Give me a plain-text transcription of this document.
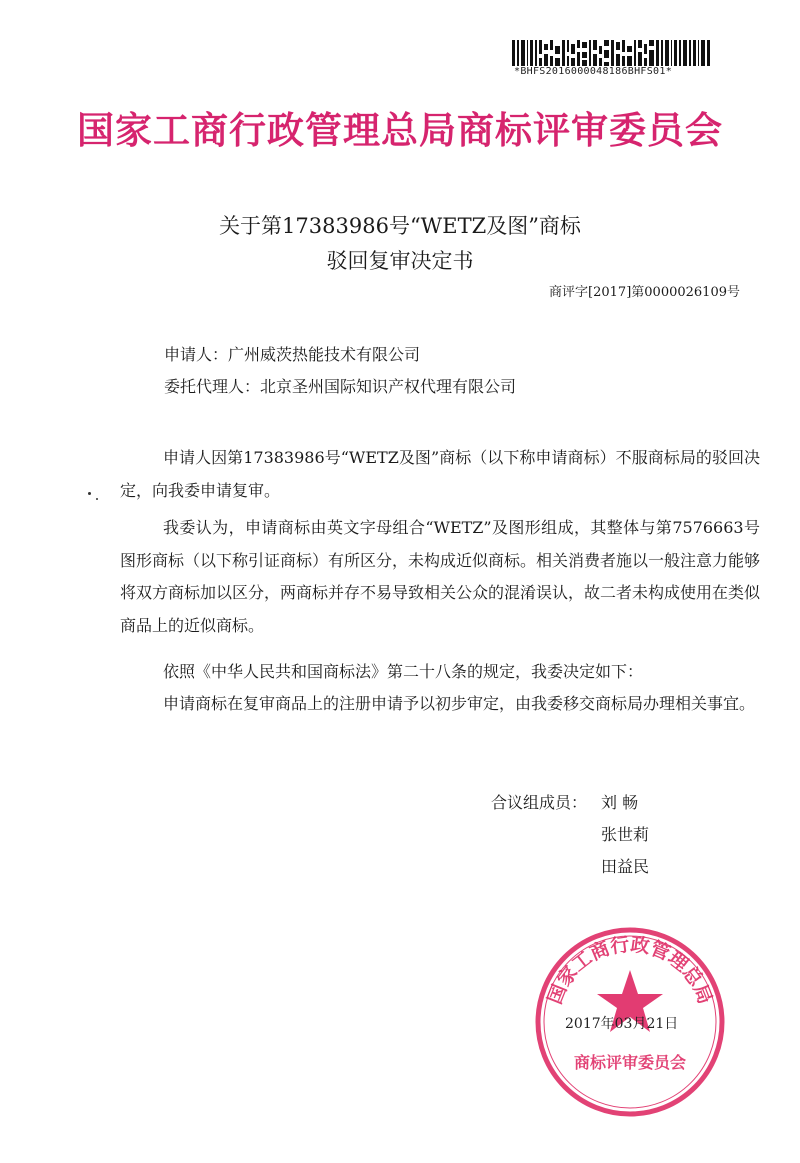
*BHFS2016000048186BHFS01*
国家工商行政管理总局商标评审委员会
关于第17383986号“WETZ及图”商标
驳回复审决定书
商评字[2017]第0000026109号
申请人：广州威茨热能技术有限公司
委托代理人：北京圣州国际知识产权代理有限公司

申请人因第17383986号“WETZ及图”商标（以下称申请商标）不服商标局的驳回决定，向我委申请复审。

我委认为，申请商标由英文字母组合“WETZ”及图形组成，其整体与第7576663号图形商标（以下称引证商标）有所区分，未构成近似商标。相关消费者施以一般注意力能够将双方商标加以区分，两商标并存不易导致相关公众的混淆误认，故二者未构成使用在类似商品上的近似商标。

依照《中华人民共和国商标法》第二十八条的规定，我委决定如下：

申请商标在复审商品上的注册申请予以初步审定，由我委移交商标局办理相关事宜。

合议组成员： 刘 畅
张世莉
田益民
国家工商行政管理总局
商标评审委员会
2017年03月21日
